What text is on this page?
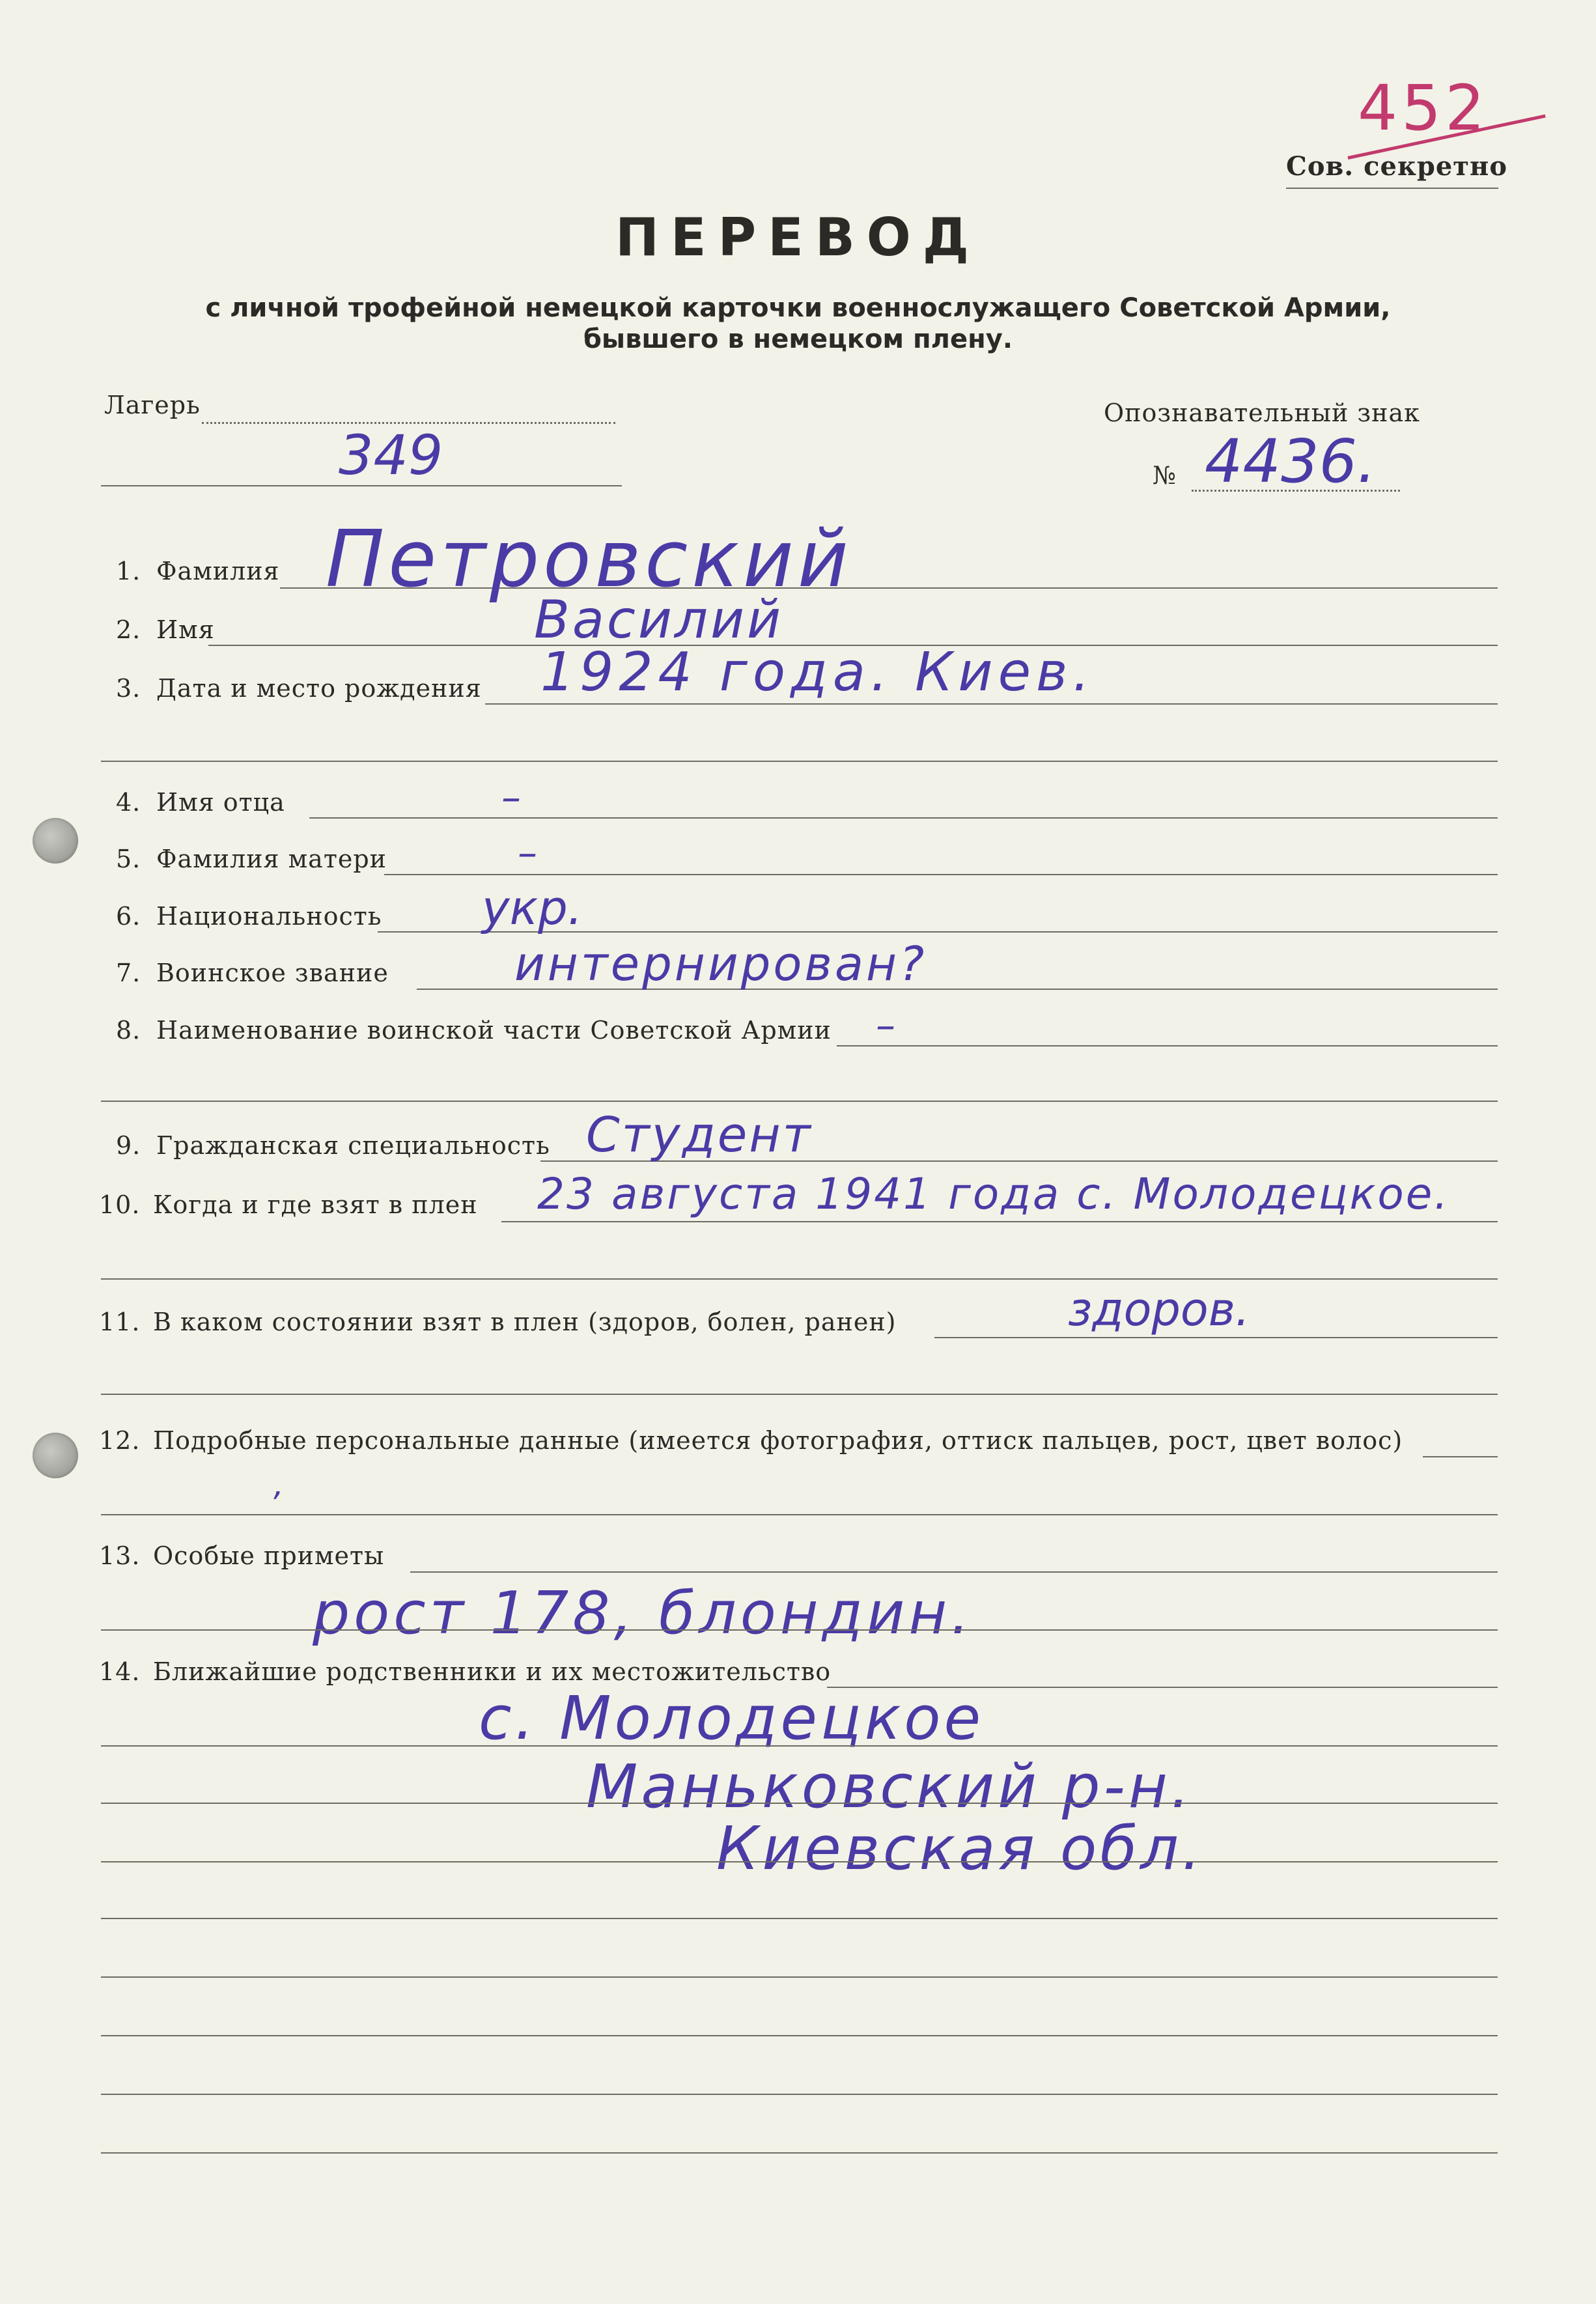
452
Сов. секретно
ПЕРЕВОД
с личной трофейной немецкой карточки военнослужащего Советской Армии,
бывшего в немецком плену.
Лагерь
349
Опознавательный знак
№ 4436.
1. Фамилия Петровский
2. Имя	Василий
3. Дата и место рождения 1924 года. Киев.
4. Имя отца	–
5. Фамилия матери	–
6. Национальность укр.
7. Воинское звание	интернирован?
8. Наименование воинской части Советской Армии –
9. Гражданская специальность Студент
10. Когда и где взят в плен 23 августа 1941 года с. Молодецкое.
11. В каком состоянии взят в плен (здоров, болен, ранен)	здоров.
12. Подробные персональные данные (имеется фотография, оттиск пальцев, рост, цвет волос)
,
13. Особые приметы
рост 178, блондин.
14. Ближайшие родственники и их местожительство
с. Молодецкое
Маньковский р-н.
Киевская обл.
